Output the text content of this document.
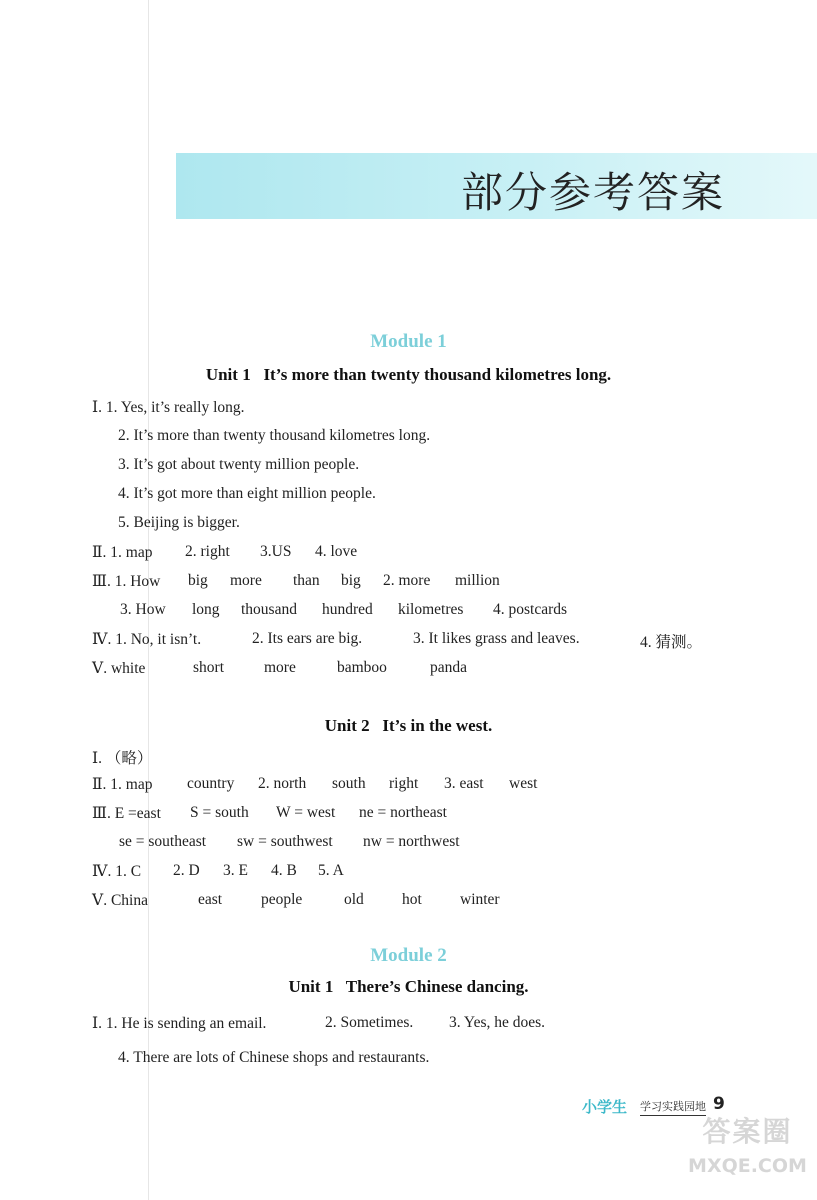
部分参考答案
Module 1
Unit 1   It’s more than twenty thousand kilometres long.
Ⅰ. 1. Yes, it’s really long.
2. It’s more than twenty thousand kilometres long.
3. It’s got about twenty million people.
4. It’s got more than eight million people.
5. Beijing is bigger.
Ⅱ. 1. map 2. right 3.US 4. love
Ⅲ. 1. How big more than big 2. more million
3. How long thousand hundred kilometres 4. postcards
Ⅳ. 1. No, it isn’t.	2. Its ears are big.	3. It likes grass and leaves.	4. 猜测。
Ⅴ. white	short	more	bamboo	panda
Unit 2   It’s in the west.
Ⅰ. （略）
Ⅱ. 1. map country 2. north south right 3. east west
Ⅲ. E =east S = south W = west ne = northeast
se = southeast sw = southwest nw = northwest
Ⅳ. 1. C 2. D 3. E 4. B 5. A
Ⅴ. China	east	people	old hot winter
Module 2
Unit 1   There’s Chinese dancing.
Ⅰ. 1. He is sending an email.	2. Sometimes. 3. Yes, he does.
4. There are lots of Chinese shops and restaurants.
小学生 学习实践园地 9
答案圈
MXQE.COM
